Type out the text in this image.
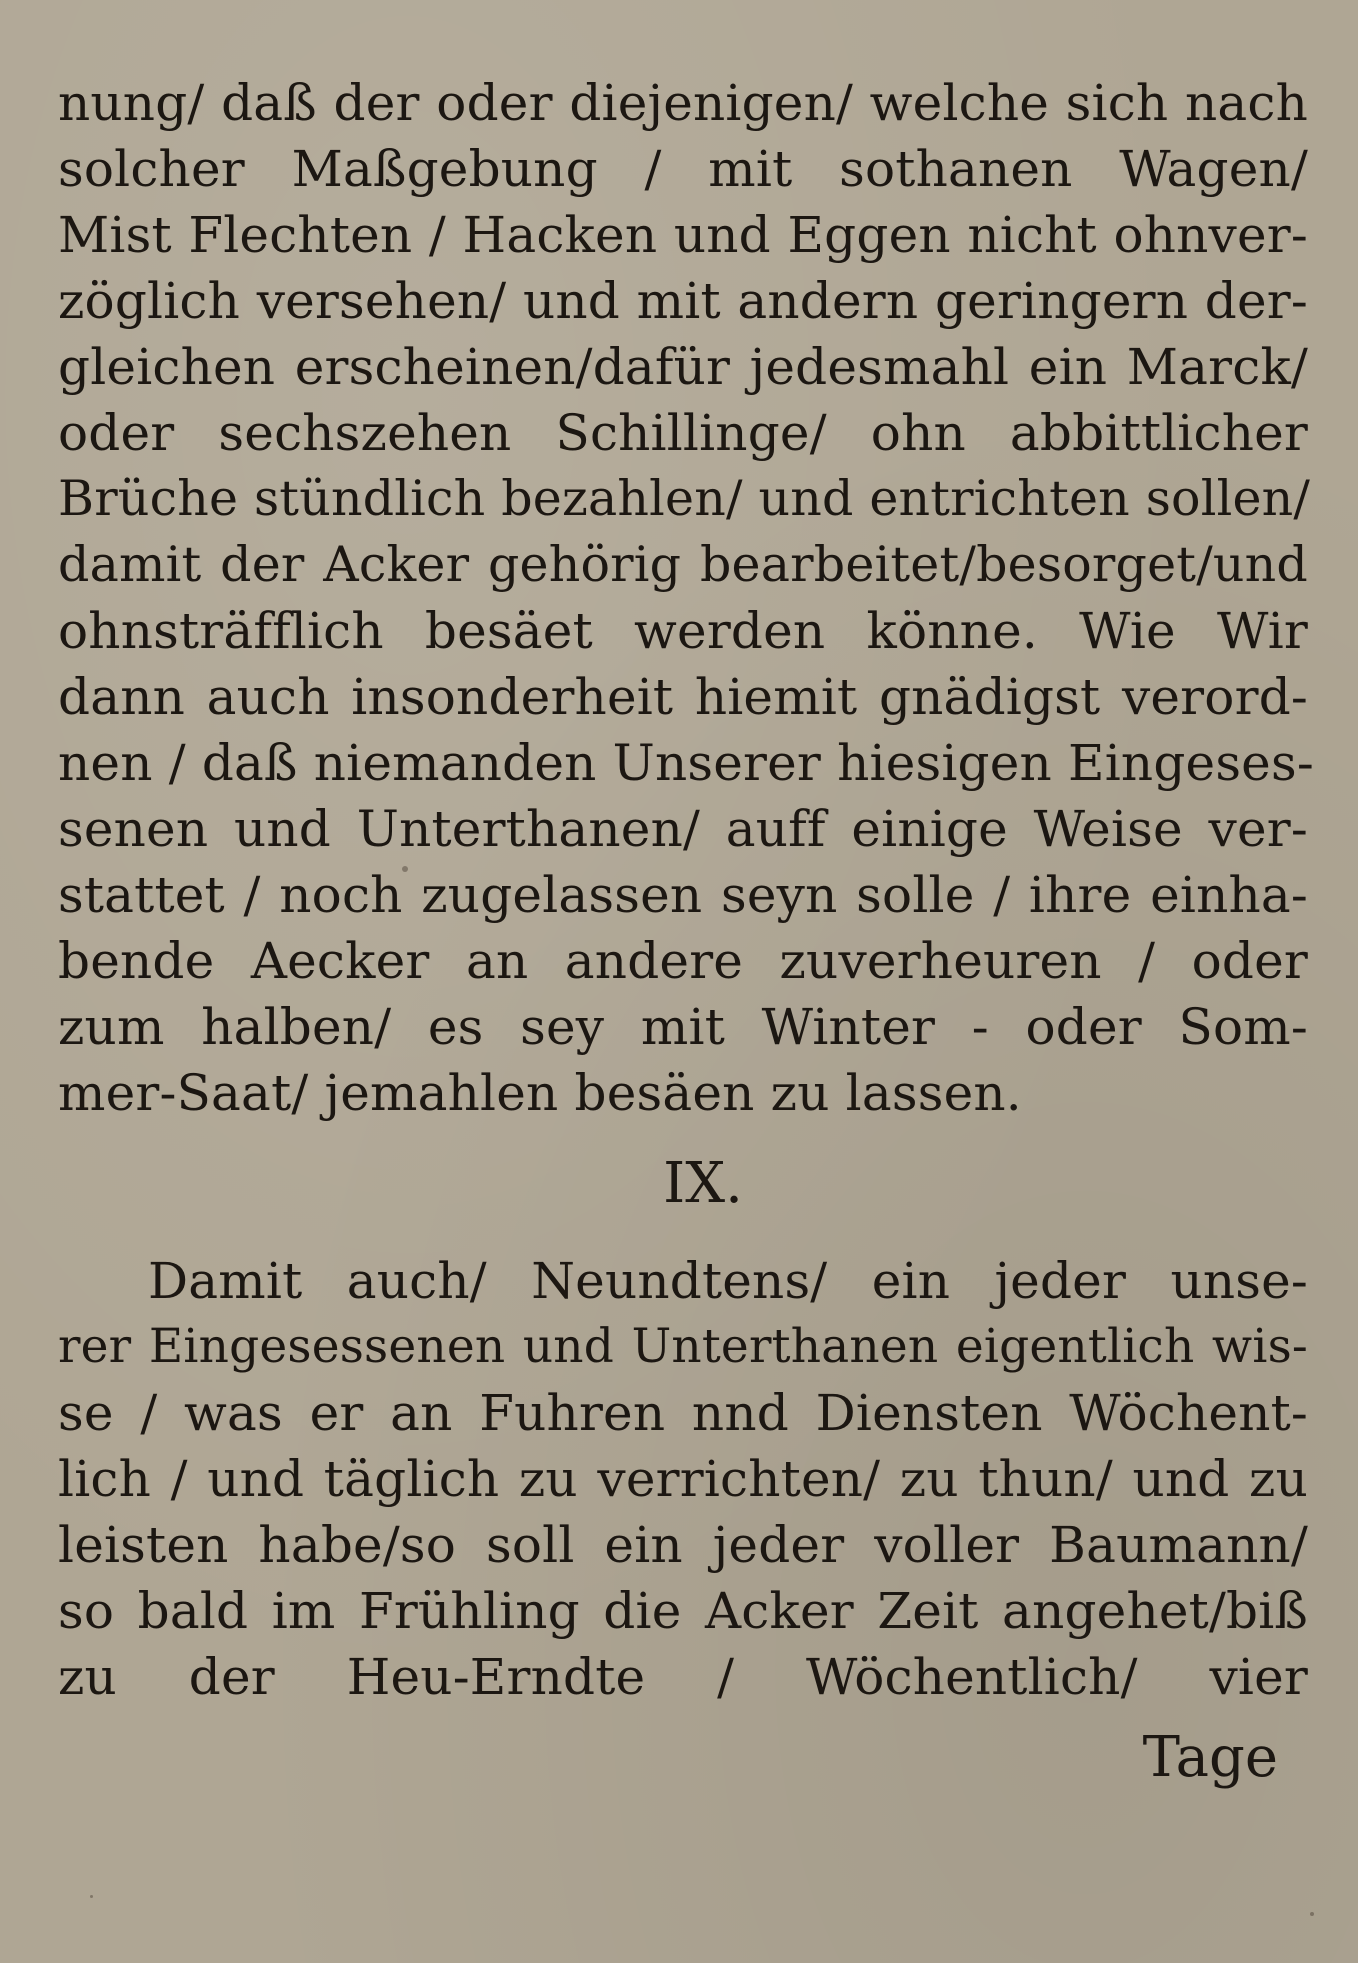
nung/ daß der oder diejenigen/ welche sich nach
solcher Maßgebung / mit sothanen Wagen/
Mist Flechten / Hacken und Eggen nicht ohnver-
zöglich versehen/ und mit andern geringern der-
gleichen erscheinen/dafür jedesmahl ein Marck/
oder sechszehen Schillinge/ ohn abbittlicher
Brüche stündlich bezahlen/ und entrichten sollen/
damit der Acker gehörig bearbeitet/besorget/und
ohnsträfflich besäet werden könne. Wie Wir
dann auch insonderheit hiemit gnädigst verord-
nen / daß niemanden Unserer hiesigen Eingeses-
senen und Unterthanen/ auff einige Weise ver-
stattet / noch zugelassen seyn solle / ihre einha-
bende Aecker an andere zuverheuren / oder
zum halben/ es sey mit Winter - oder Som-
mer-Saat/ jemahlen besäen zu lassen.
IX.
Damit auch/ Neundtens/ ein jeder unse-
rer Eingesessenen und Unterthanen eigentlich wis-
se / was er an Fuhren nnd Diensten Wöchent-
lich / und täglich zu verrichten/ zu thun/ und zu
leisten habe/so soll ein jeder voller Baumann/
so bald im Frühling die Acker Zeit angehet/biß
zu der Heu-Erndte / Wöchentlich/ vier
Tage
